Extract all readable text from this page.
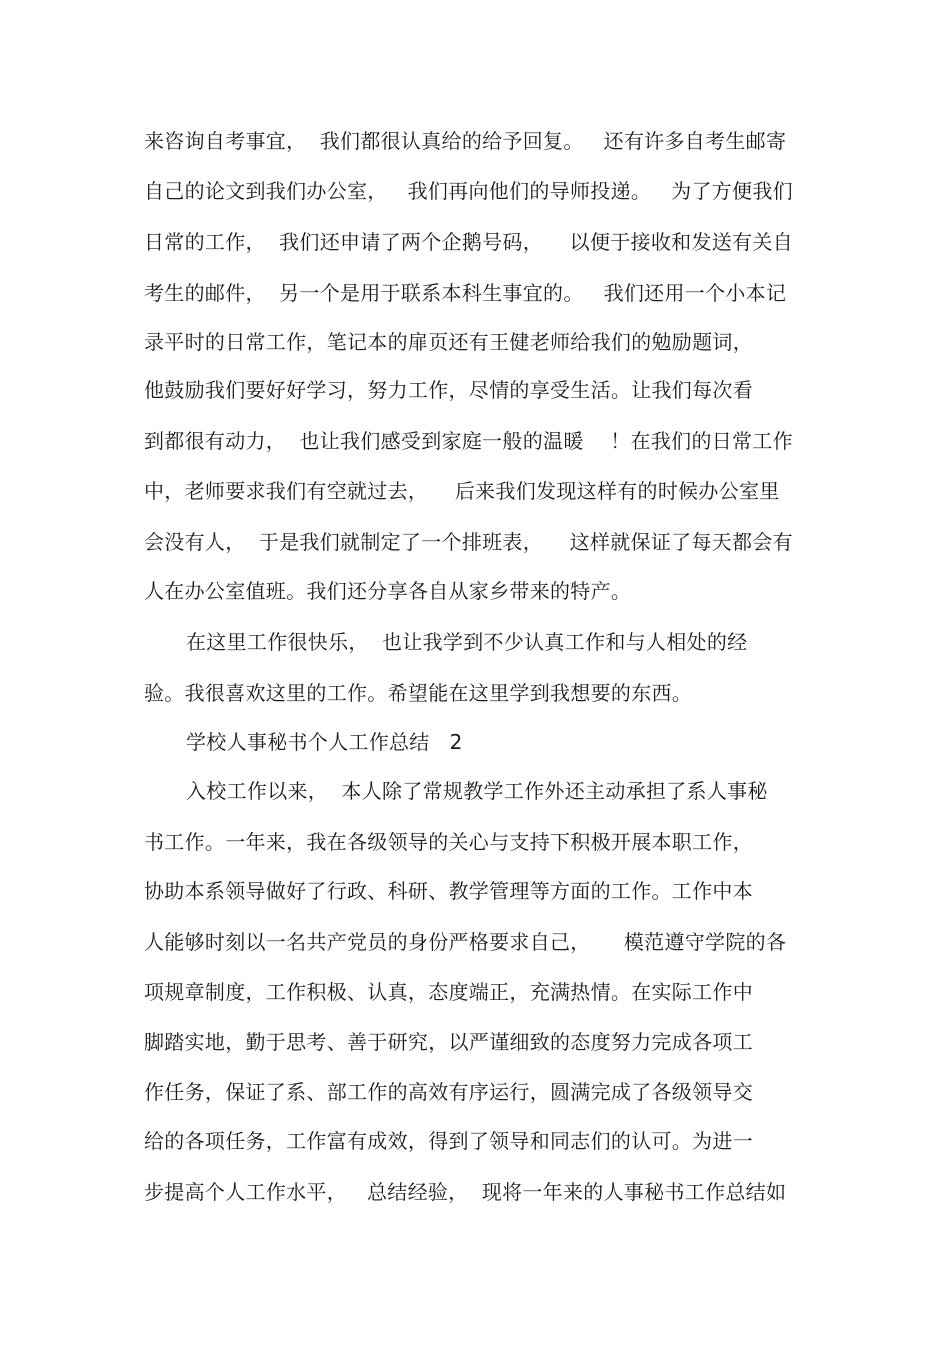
来咨询自考事宜，  我们都很认真给的给予回复。   还有许多自考生邮寄
自己的论文到我们办公室，   我们再向他们的导师投递。   为了方便我们
日常的工作，  我们还申请了两个企鹅号码，    以便于接收和发送有关自
考生的邮件，  另一个是用于联系本科生事宜的。   我们还用一个小本记
录平时的日常工作，笔记本的扉页还有王健老师给我们的勉励题词，
他鼓励我们要好好学习，努力工作，尽情的享受生活。让我们每次看
到都很有动力，  也让我们感受到家庭一般的温暖    ！在我们的日常工作
中，老师要求我们有空就过去，    后来我们发现这样有的时候办公室里
会没有人，  于是我们就制定了一个排班表，    这样就保证了每天都会有
人在办公室值班。我们还分享各自从家乡带来的特产。
在这里工作很快乐，  也让我学到不少认真工作和与人相处的经
验。我很喜欢这里的工作。希望能在这里学到我想要的东西。
学校人事秘书个人工作总结   2
入校工作以来，  本人除了常规教学工作外还主动承担了系人事秘
书工作。一年来，我在各级领导的关心与支持下积极开展本职工作，
协助本系领导做好了行政、科研、教学管理等方面的工作。工作中本
人能够时刻以一名共产党员的身份严格要求自己，     模范遵守学院的各
项规章制度，工作积极、认真，态度端正，充满热情。在实际工作中
脚踏实地，勤于思考、善于研究，以严谨细致的态度努力完成各项工
作任务，保证了系、部工作的高效有序运行，圆满完成了各级领导交
给的各项任务，工作富有成效，得到了领导和同志们的认可。为进一
步提高个人工作水平，   总结经验，  现将一年来的人事秘书工作总结如
